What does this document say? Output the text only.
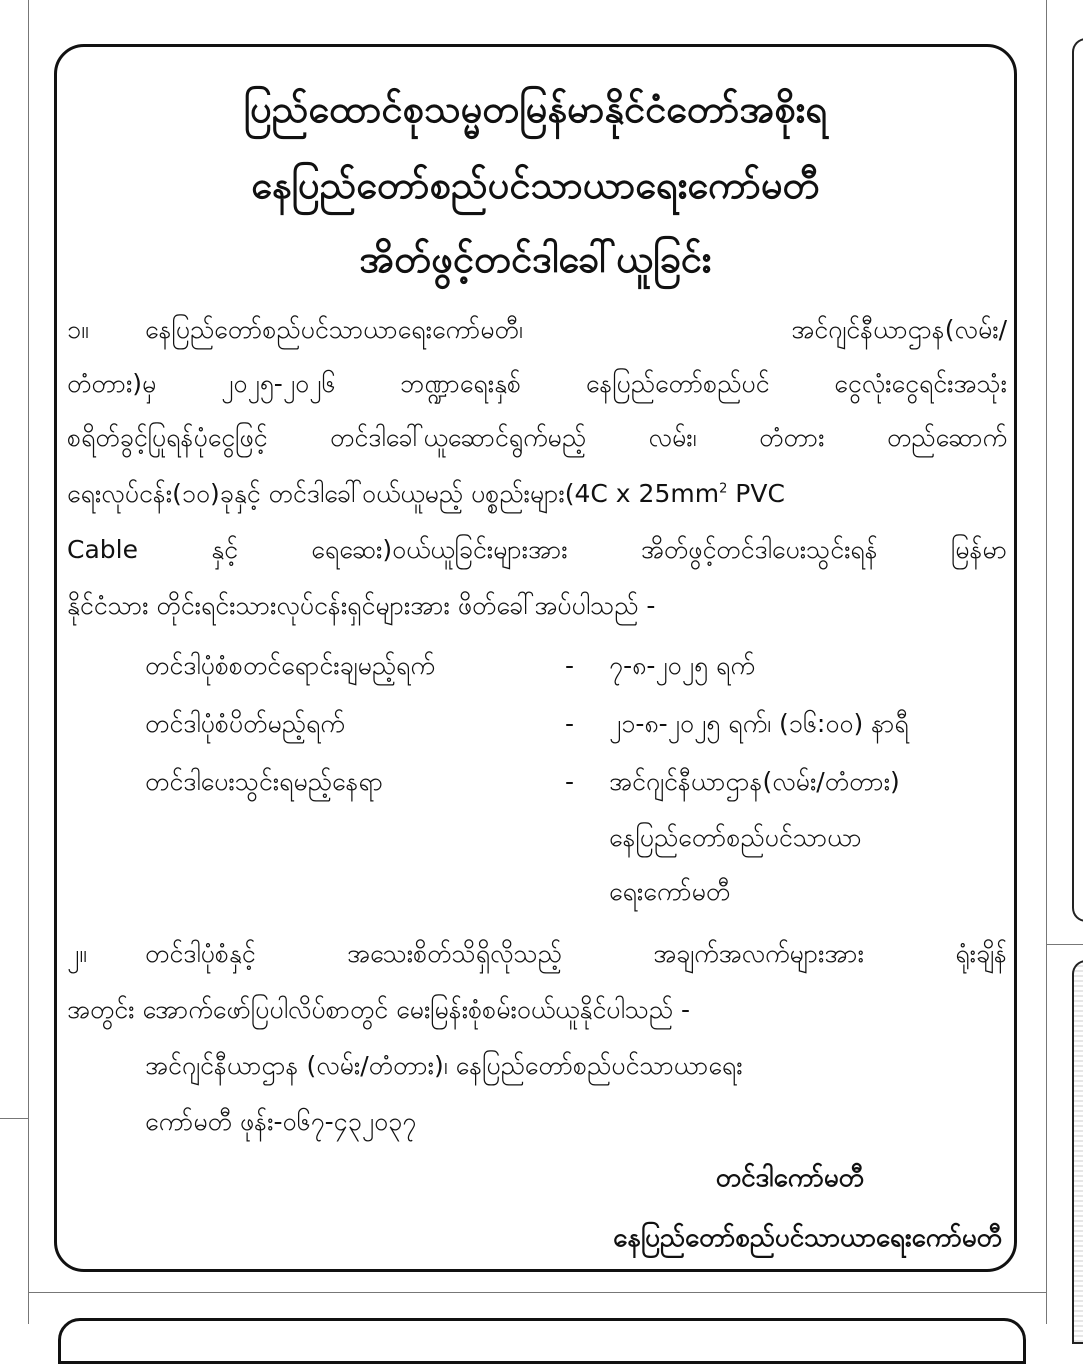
ပြည်ထောင်စုသမ္မတမြန်မာနိုင်ငံတော်အစိုးရ
နေပြည်တော်စည်ပင်သာယာရေးကော်မတီ
အိတ်ဖွင့်တင်ဒါခေါ်ယူခြင်း
၁။ နေပြည်တော်စည်ပင်သာယာရေးကော်မတီ၊ အင်ဂျင်နီယာဌာန(လမ်း/
တံတား)မှ ၂၀၂၅-၂၀၂၆ ဘဏ္ဍာရေးနှစ် နေပြည်တော်စည်ပင် ငွေလုံးငွေရင်းအသုံး
စရိတ်ခွင့်ပြုရန်ပုံငွေဖြင့် တင်ဒါခေါ်ယူဆောင်ရွက်မည့် လမ်း၊ တံတား တည်ဆောက်
ရေးလုပ်ငန်း(၁၀)ခုနှင့် တင်ဒါခေါ်ဝယ်ယူမည့် ပစ္စည်းများ(4C x $25mm^2$ PVC
Cable နှင့် ရေဆေး)ဝယ်ယူခြင်းများအား အိတ်ဖွင့်တင်ဒါပေးသွင်းရန် မြန်မာ
နိုင်ငံသား တိုင်းရင်းသားလုပ်ငန်းရှင်များအား ဖိတ်ခေါ်အပ်ပါသည် -
တင်ဒါပုံစံစတင်ရောင်းချမည့်ရက်	- ၇-၈-၂၀၂၅ ရက်
တင်ဒါပုံစံပိတ်မည့်ရက်	- ၂၁-၈-၂၀၂၅ ရက်၊ (၁၆:၀၀) နာရီ
တင်ဒါပေးသွင်းရမည့်နေရာ	- အင်ဂျင်နီယာဌာန(လမ်း/တံတား)
နေပြည်တော်စည်ပင်သာယာ
ရေးကော်မတီ
၂။ တင်ဒါပုံစံနှင့် အသေးစိတ်သိရှိလိုသည့် အချက်အလက်များအား ရုံးချိန်
အတွင်း အောက်ဖော်ပြပါလိပ်စာတွင် မေးမြန်းစုံစမ်းဝယ်ယူနိုင်ပါသည် -
အင်ဂျင်နီယာဌာန (လမ်း/တံတား)၊ နေပြည်တော်စည်ပင်သာယာရေး
ကော်မတီ ဖုန်း-၀၆၇-၄၃၂၀၃၇
တင်ဒါကော်မတီ
နေပြည်တော်စည်ပင်သာယာရေးကော်မတီ
